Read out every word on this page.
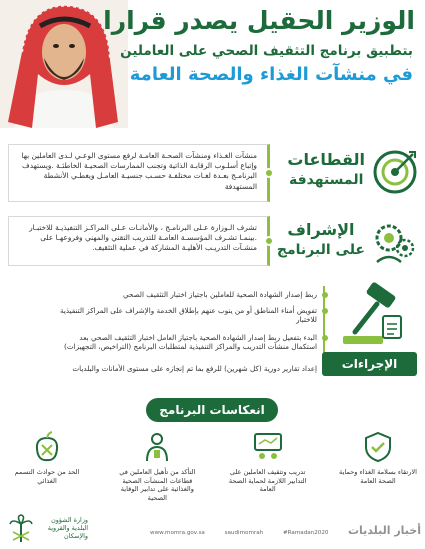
الوزير الحقيل يصدر قرارا
بتطبيق برنامج التثقيف الصحي على العاملين
في منشآت الغذاء والصحة العامة
القطاعات
المستهدفة
منشآت الغـذاء ومنشآت الصحـة العامـة لرفع مستوى الوعـي لـدى العاملين بها وإتباع أسلـوب الرقابـة الذاتية وتجنب الممارسات الصحيـة الخاطئـة .ويستهدف البرنامـج بعـدة لغـات مختلفـة حسـب جنسيـة العامـل ويغطـي الأنشطة المستهدفة
الإشراف
على البرنامج
تشرف الـوزارة عـلى البرنامـج ، والأمانـات عـلى المراكـز التنفيذيـة للاختبـار .بينمـا تشـرف المؤسسـة العامـة للتدريب التقني والمهني وفروعهـا على منشـآت التدريـب الأهليـة المشاركة في عملية التثقيف.
ربط إصدار الشهادة الصحية للعاملين باجتياز اختبار التثقيف الصحي
تفويض أمناء المناطق أو من ينوب عنهم بإطلاق الخدمة والإشراف على المراكز التنفيذية للاختبار
البدء بتفعيل ربط إصدار الشهادة الصحية باجتياز العامل اختبار التثقيف الصحي بعد استكمال منشآت التدريب والمراكز التنفيذية لمتطلبات البرنامج (التراخيص، التجهيزات)
إعداد تقارير دورية (كل شهرين) للرفع بما تم إنجازه على مستوى الأمانات والبلديات	الإجراءات المطبقة
انعكاسات البرنامج
الارتقاء بسلامة الغذاء وحماية الصحة العامة
تدريب وتثقيف العاملين على التدابير اللازمة لحماية الصحة العامة
التأكد من تأهيل العاملين في قطاعات المنشآت الصحية والغذائية على تدابير الوقاية الصحية
الحد من حوادث التسمم الغذائي
وزارة الشؤون البلدية والقروية والإسكان	www.momra.gov.sa	saudimomrah	#Ramadan2020	أخبار البلديات
